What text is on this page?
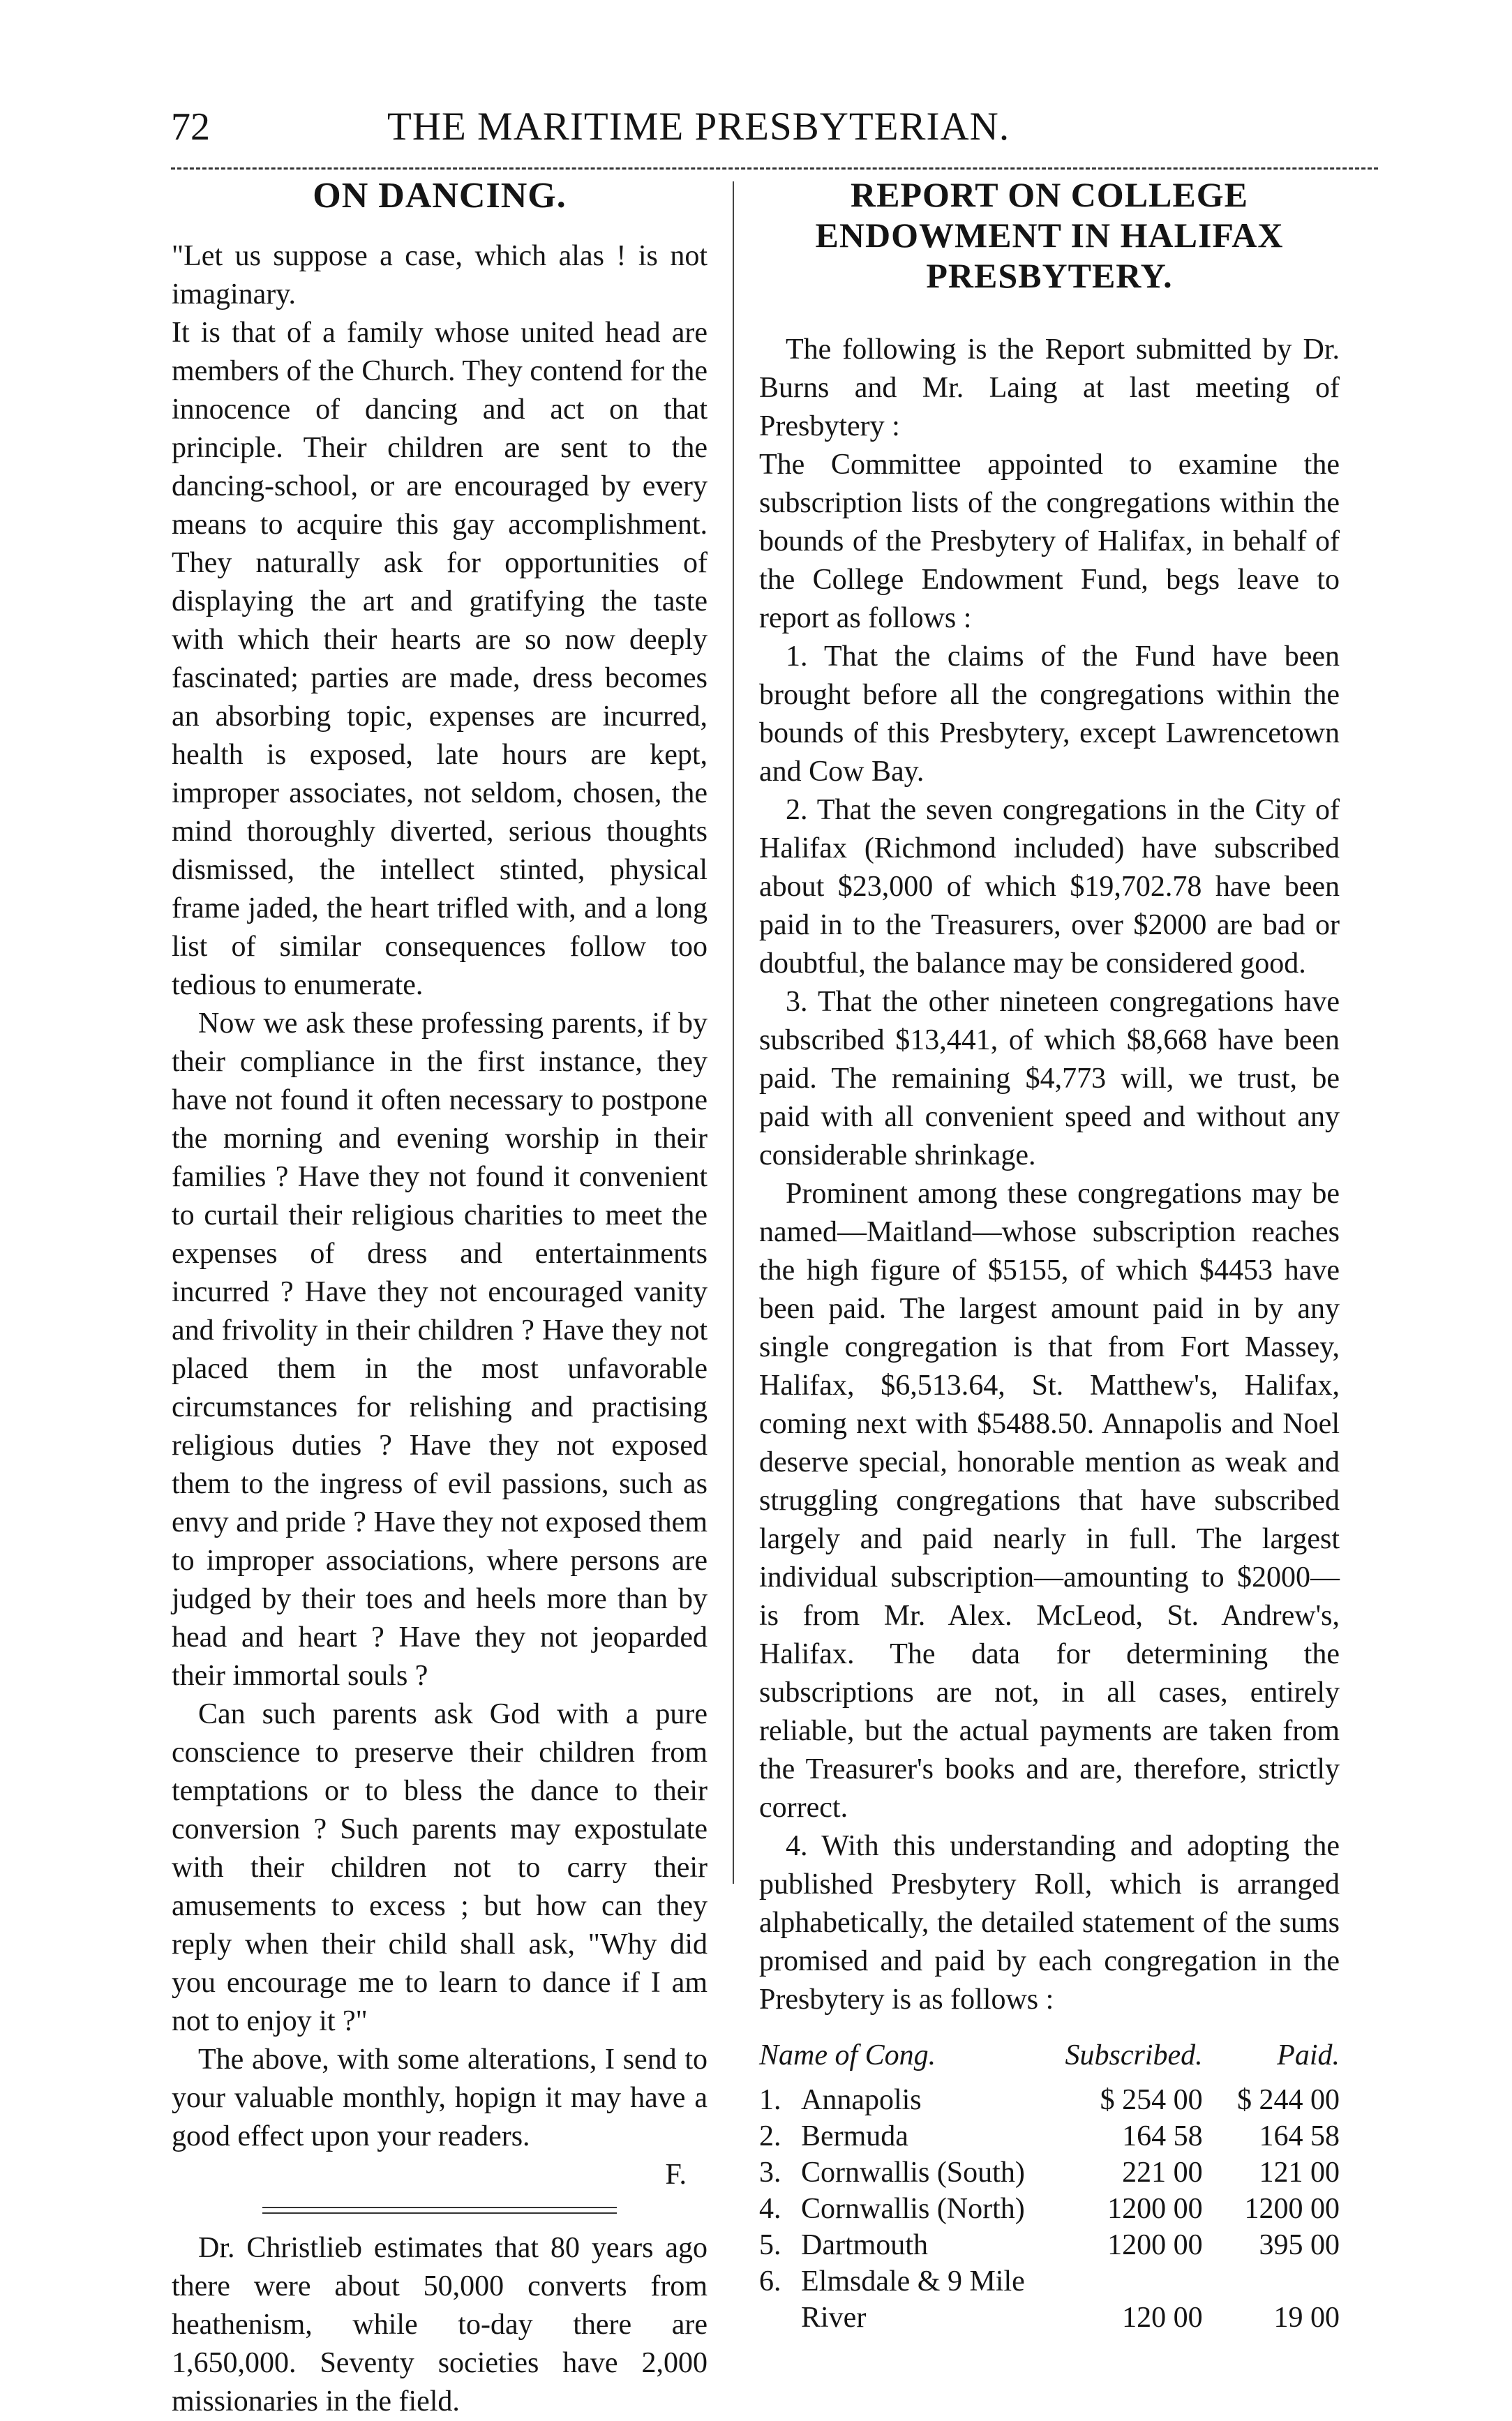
72	THE MARITIME PRESBYTERIAN.
ON DANCING.

"Let us suppose a case, which alas ! is not imaginary.

It is that of a family whose united head are members of the Church. They contend for the innocence of dancing and act on that principle. Their children are sent to the dancing-school, or are encouraged by every means to acquire this gay accomplishment. They naturally ask for opportunities of displaying the art and gratifying the taste with which their hearts are so now deeply fascinated; parties are made, dress becomes an absorbing topic, expenses are incurred, health is exposed, late hours are kept, improper associates, not seldom, chosen, the mind thoroughly diverted, serious thoughts dismissed, the intellect stinted, physical frame jaded, the heart trifled with, and a long list of similar consequences follow too tedious to enumerate.

Now we ask these professing parents, if by their compliance in the first instance, they have not found it often necessary to postpone the morning and evening worship in their families ? Have they not found it convenient to curtail their religious charities to meet the expenses of dress and entertainments incurred ? Have they not encouraged vanity and frivolity in their children ? Have they not placed them in the most unfavorable circumstances for relishing and practising religious duties ? Have they not exposed them to the ingress of evil passions, such as envy and pride ? Have they not exposed them to improper associations, where persons are judged by their toes and heels more than by head and heart ? Have they not jeoparded their immortal souls ?

Can such parents ask God with a pure conscience to preserve their children from temptations or to bless the dance to their conversion ? Such parents may expostulate with their children not to carry their amusements to excess ; but how can they reply when their child shall ask, "Why did you encourage me to learn to dance if I am not to enjoy it ?"

The above, with some alterations, I send to your valuable monthly, hopign it may have a good effect upon your readers.

F.

Dr. Christlieb estimates that 80 years ago there were about 50,000 converts from heathenism, while to-day there are 1,650,000. Seventy societies have 2,000 missionaries in the field.

REPORT ON COLLEGE ENDOWMENT IN HALIFAX PRESBYTERY.

The following is the Report submitted by Dr. Burns and Mr. Laing at last meeting of Presbytery :

The Committee appointed to examine the subscription lists of the congregations within the bounds of the Presbytery of Halifax, in behalf of the College Endowment Fund, begs leave to report as follows :

1. That the claims of the Fund have been brought before all the congregations within the bounds of this Presbytery, except Lawrencetown and Cow Bay.

2. That the seven congregations in the City of Halifax (Richmond included) have subscribed about $23,000 of which $19,702.78 have been paid in to the Treasurers, over $2000 are bad or doubtful, the balance may be considered good.

3. That the other nineteen congregations have subscribed $13,441, of which $8,668 have been paid. The remaining $4,773 will, we trust, be paid with all convenient speed and without any considerable shrinkage.

Prominent among these congregations may be named—Maitland—whose subscription reaches the high figure of $5155, of which $4453 have been paid. The largest amount paid in by any single congregation is that from Fort Massey, Halifax, $6,513.64, St. Matthew's, Halifax, coming next with $5488.50. Annapolis and Noel deserve special, honorable mention as weak and struggling congregations that have subscribed largely and paid nearly in full. The largest individual subscription—amounting to $2000—is from Mr. Alex. McLeod, St. Andrew's, Halifax. The data for determining the subscriptions are not, in all cases, entirely reliable, but the actual payments are taken from the Treasurer's books and are, therefore, strictly correct.

4. With this understanding and adopting the published Presbytery Roll, which is arranged alphabetically, the detailed statement of the sums promised and paid by each congregation in the Presbytery is as follows :

Name of Cong.		Subscribed.	Paid.
1.	Annapolis	$ 254 00	$ 244 00
2.	Bermuda	164 58	164 58
3.	Cornwallis (South)	221 00	121 00
4.	Cornwallis (North)	1200 00	1200 00
5.	Dartmouth	1200 00	395 00
6.	Elmsdale & 9 Mile		
	River	120 00	19 00
